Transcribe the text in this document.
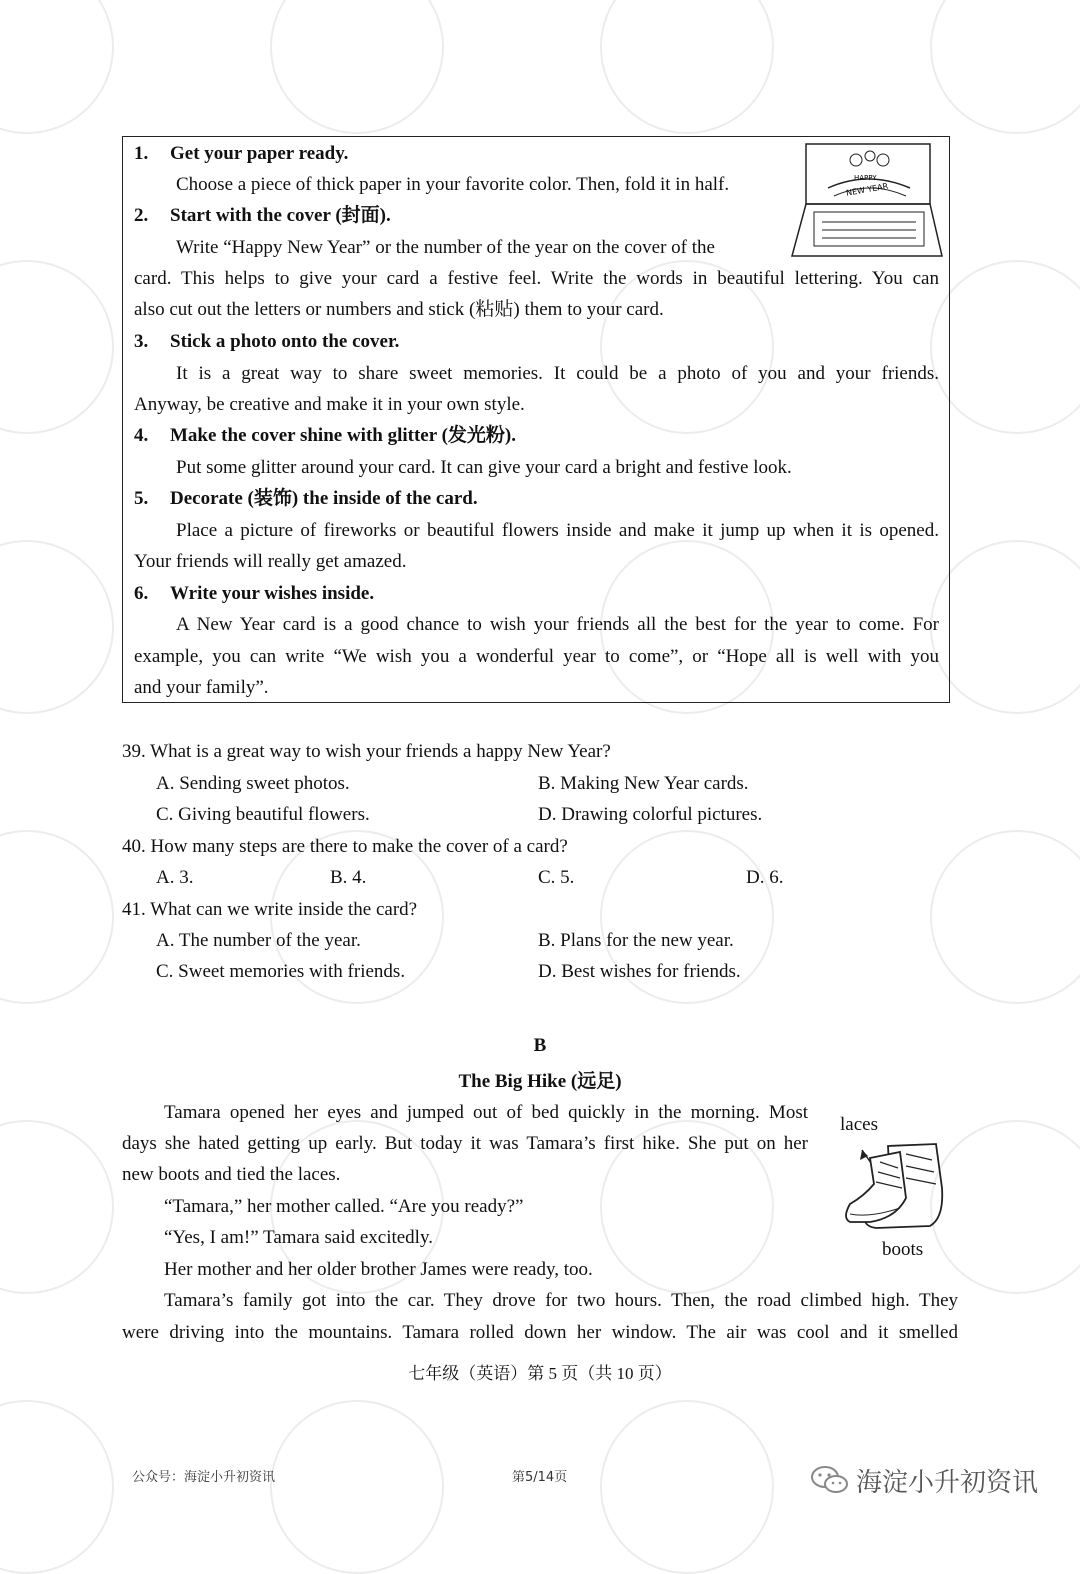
HAPPY
NEW YEAR
1. Get your paper ready.
Choose a piece of thick paper in your favorite color. Then, fold it in half.
2. Start with the cover (封面).
Write “Happy New Year” or the number of the year on the cover of the
card. This helps to give your card a festive feel. Write the words in beautiful lettering. You can
also cut out the letters or numbers and stick (粘贴) them to your card.
3. Stick a photo onto the cover.
It is a great way to share sweet memories. It could be a photo of you and your friends.
Anyway, be creative and make it in your own style.
4. Make the cover shine with glitter (发光粉).
Put some glitter around your card. It can give your card a bright and festive look.
5. Decorate (装饰) the inside of the card.
Place a picture of fireworks or beautiful flowers inside and make it jump up when it is opened.
Your friends will really get amazed.
6. Write your wishes inside.
A New Year card is a good chance to wish your friends all the best for the year to come. For
example, you can write “We wish you a wonderful year to come”, or “Hope all is well with you
and your family”.
39. What is a great way to wish your friends a happy New Year?
A. Sending sweet photos.	B. Making New Year cards.
C. Giving beautiful flowers.	D. Drawing colorful pictures.
40. How many steps are there to make the cover of a card?
A. 3.	B. 4.	C. 5.	D. 6.
41. What can we write inside the card?
A. The number of the year.	B. Plans for the new year.
C. Sweet memories with friends.	D. Best wishes for friends.
B
The Big Hike (远足)
Tamara opened her eyes and jumped out of bed quickly in the morning. Most
days she hated getting up early. But today it was Tamara’s first hike. She put on her
new boots and tied the laces.
“Tamara,” her mother called. “Are you ready?”
“Yes, I am!” Tamara said excitedly.
Her mother and her older brother James were ready, too.
Tamara’s family got into the car. They drove for two hours. Then, the road climbed high. They
were driving into the mountains. Tamara rolled down her window. The air was cool and it smelled
laces
boots
七年级（英语）第 5 页（共 10 页）
公众号：海淀小升初资讯	第5/14页	海淀小升初资讯
